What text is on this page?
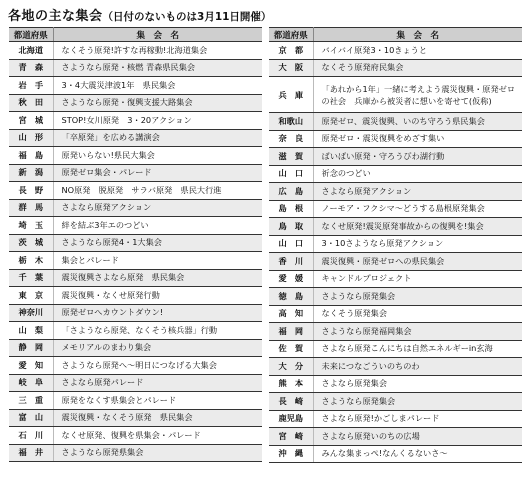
各地の主な集会（日付のないものは3月11日開催）
都道府県	集　会　名
北海道	なくそう原発!許すな再稼動!北海道集会
青　森	さようなら原発・核燃 青森県民集会
岩　手	3・4大震災津波1年　県民集会
秋　田	さようなら原発・復興支援大路集会
宮　城	STOP!女川原発　3・20アクション
山　形	「卒原発」を広める講演会
福　島	原発いらない!県民大集会
新　潟	原発ゼロ集会・パレード
長　野	NO原発　脱原発　サラバ原発　県民大行進
群　馬	さよなら原発アクション
埼　玉	絆を結ぶ3年エのつどい
茨　城	さようなら原発4・1大集会
栃　木	集会とパレード
千　葉	震災復興さよなら原発　県民集会
東　京	震災復興・なくせ原発行動
神奈川	原発ゼロへカウントダウン!
山　梨	「さようなら原発、なくそう核兵器」行動
静　岡	メモリアルのまわり集会
愛　知	さようなら原発へ～明日につなげる大集会
岐　阜	さよなら原発パレード
三　重	原発をなくす県集会とパレード
富　山	震災復興・なくそう原発　県民集会
石　川	なくせ原発、復興を県集会・パレード
福　井	さようなら原発県集会
都道府県	集　会　名
京　都	バイバイ原発3・10きょうと
大　阪	なくそう原発府民集会
兵　庫	「あれから1年」一緒に考えよう震災復興・原発ゼロの社会　兵庫から被災者に想いを寄せて(仮称)
和歌山	原発ゼロ、震災復興、いのち守ろう県民集会
奈　良	原発ゼロ・震災復興をめざす集い
滋　賀	ばいばい原発・守ろうびわ湖行動
山　口	祈念のつどい
広　島	さよなら原発アクション
島　根	ノーモア・フクシマ～どうする島根原発集会
鳥　取	なくせ原発!震災原発事故からの復興を!集会
山　口	3・10さようなら原発アクション
香　川	震災復興・原発ゼロへの県民集会
愛　媛	キャンドルプロジェクト
徳　島	さようなら原発集会
高　知	なくそう原発集会
福　岡	さようなら原発福岡集会
佐　賀	さよなら原発こんにちは自然エネルギーin玄海
大　分	未来につなごういのちのわ
熊　本	さよなら原発集会
長　崎	さようなら原発集会
鹿児島	さよなら原発!かごしまパレード
宮　崎	さよなら原発いのちの広場
沖　縄	みんな集まっぺ!なんくるないさ～
